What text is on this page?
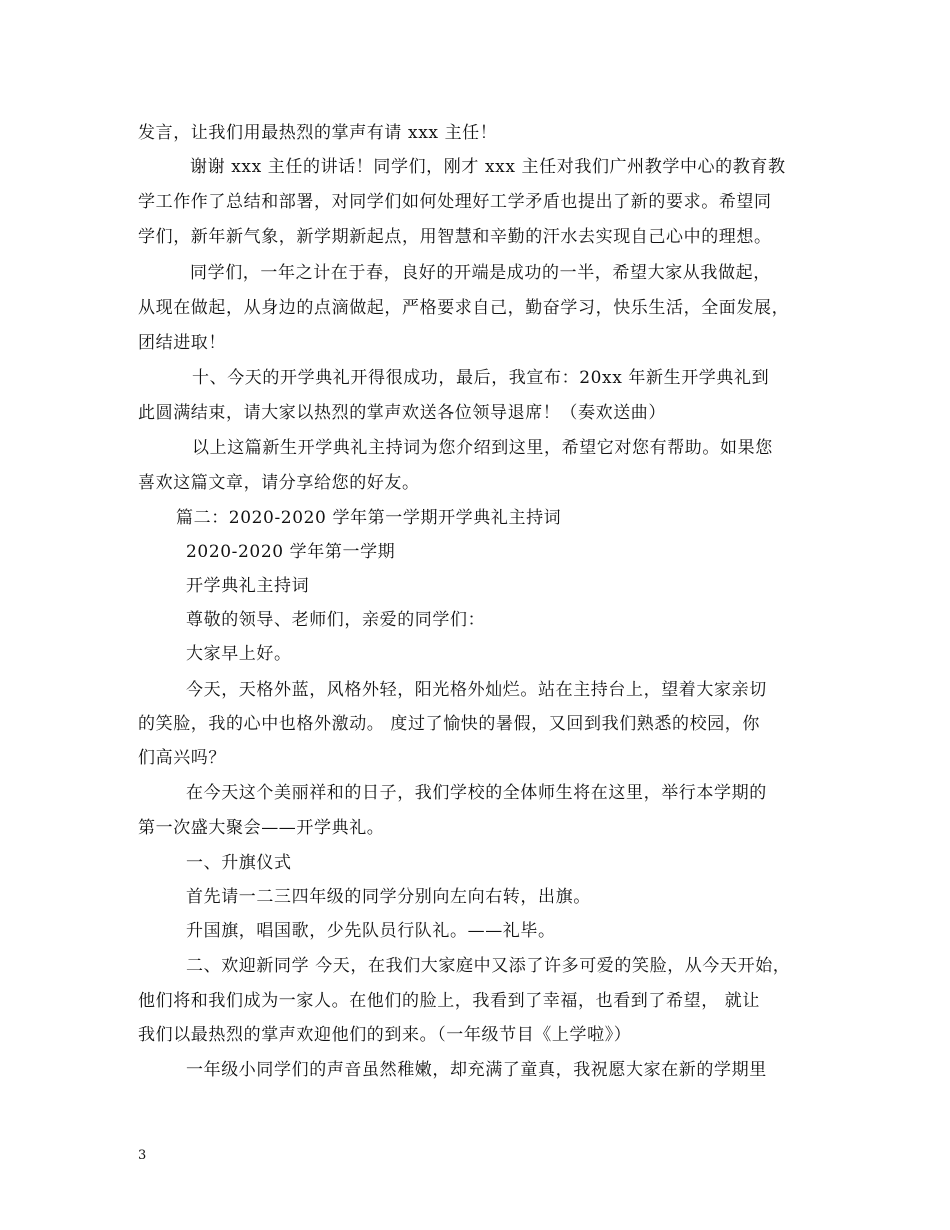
发言，让我们用最热烈的掌声有请 xxx 主任！
谢谢 xxx 主任的讲话！同学们，刚才 xxx 主任对我们广州教学中心的教育教
学工作作了总结和部署，对同学们如何处理好工学矛盾也提出了新的要求。希望同
学们，新年新气象，新学期新起点，用智慧和辛勤的汗水去实现自己心中的理想。
同学们，一年之计在于春，良好的开端是成功的一半，希望大家从我做起，
从现在做起，从身边的点滴做起，严格要求自己，勤奋学习，快乐生活，全面发展，
团结进取！
十、今天的开学典礼开得很成功，最后，我宣布：20xx 年新生开学典礼到
此圆满结束，请大家以热烈的掌声欢送各位领导退席！（奏欢送曲）
以上这篇新生开学典礼主持词为您介绍到这里，希望它对您有帮助。如果您
喜欢这篇文章，请分享给您的好友。
篇二：2020-2020 学年第一学期开学典礼主持词
2020-2020 学年第一学期
开学典礼主持词
尊敬的领导、老师们，亲爱的同学们：
大家早上好。
今天，天格外蓝，风格外轻，阳光格外灿烂。站在主持台上，望着大家亲切
的笑脸，我的心中也格外激动。 度过了愉快的暑假，又回到我们熟悉的校园，你
们高兴吗？
在今天这个美丽祥和的日子，我们学校的全体师生将在这里，举行本学期的
第一次盛大聚会——开学典礼。
一、升旗仪式
首先请一二三四年级的同学分别向左向右转，出旗。
升国旗，唱国歌，少先队员行队礼。——礼毕。
二、欢迎新同学 今天，在我们大家庭中又添了许多可爱的笑脸，从今天开始，
他们将和我们成为一家人。在他们的脸上，我看到了幸福，也看到了希望， 就让
我们以最热烈的掌声欢迎他们的到来。（一年级节目《上学啦》）
一年级小同学们的声音虽然稚嫩，却充满了童真，我祝愿大家在新的学期里
3
